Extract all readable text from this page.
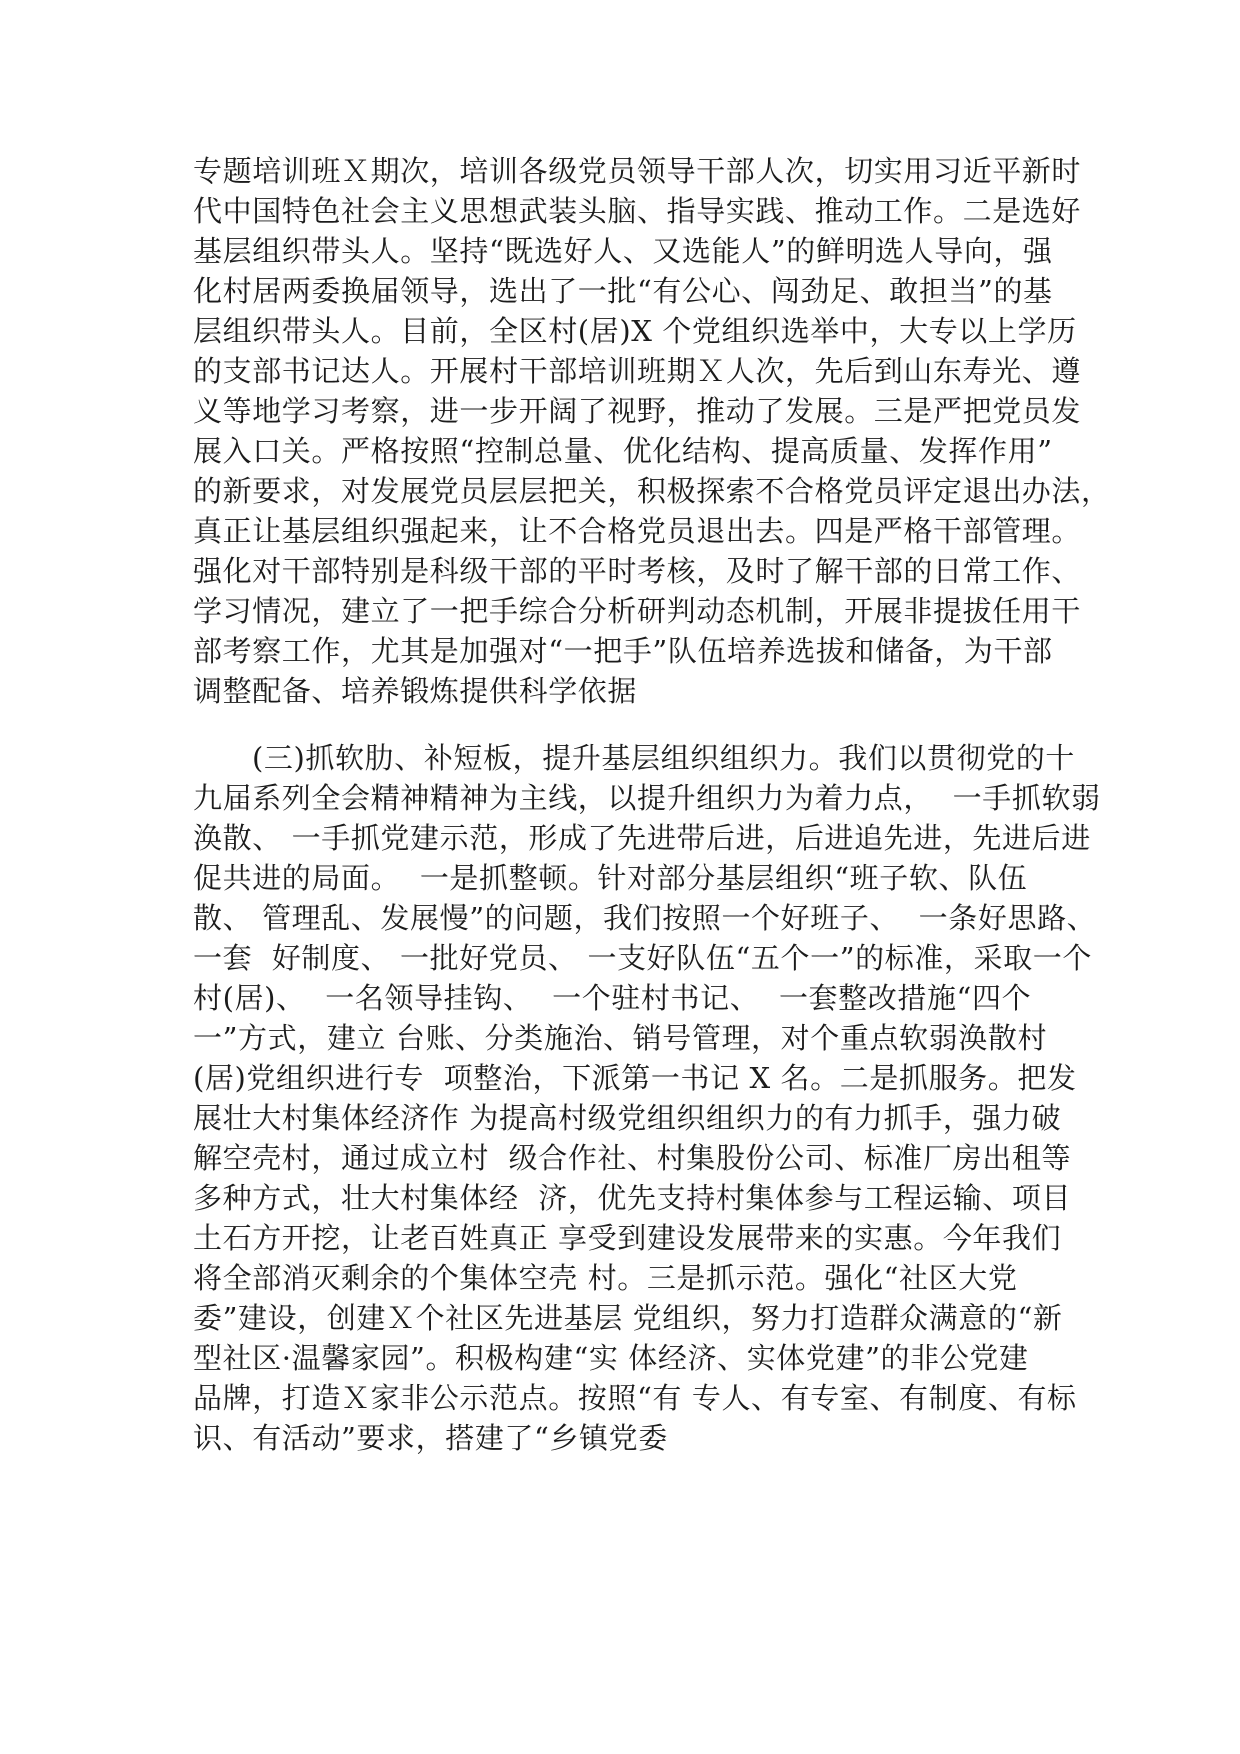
专题培训班Ｘ期次，培训各级党员领导干部人次，切实用习近平新时
代中国特色社会主义思想武装头脑、指导实践、推动工作。二是选好
基层组织带头人。坚持“既选好人、又选能人”的鲜明选人导向，强
化村居两委换届领导，选出了一批“有公心、闯劲足、敢担当”的基
层组织带头人。目前，全区村(居)X 个党组织选举中，大专以上学历
的支部书记达人。开展村干部培训班期Ｘ人次，先后到山东寿光、遵
义等地学习考察，进一步开阔了视野，推动了发展。三是严把党员发
展入口关。严格按照“控制总量、优化结构、提高质量、发挥作用”
的新要求，对发展党员层层把关，积极探索不合格党员评定退出办法，
真正让基层组织强起来，让不合格党员退出去。四是严格干部管理。
强化对干部特别是科级干部的平时考核，及时了解干部的日常工作、
学习情况，建立了一把手综合分析研判动态机制，开展非提拔任用干
部考察工作，尤其是加强对“一把手”队伍培养选拔和储备，为干部
调整配备、培养锻炼提供科学依据
(三)抓软肋、补短板，提升基层组织组织力。我们以贯彻党的十
九届系列全会精神精神为主线，以提升组织力为着力点，  一手抓软弱
涣散、 一手抓党建示范，形成了先进带后进，后进追先进，先进后进
促共进的局面。  一是抓整顿。针对部分基层组织“班子软、队伍
散、 管理乱、发展慢”的问题，我们按照一个好班子、  一条好思路、
一套  好制度、 一批好党员、 一支好队伍“五个一”的标准，采取一个
村(居)、  一名领导挂钩、  一个驻村书记、  一套整改措施“四个
一”方式，建立 台账、分类施治、销号管理，对个重点软弱涣散村
(居)党组织进行专  项整治，下派第一书记 X 名。二是抓服务。把发
展壮大村集体经济作 为提高村级党组织组织力的有力抓手，强力破
解空壳村，通过成立村  级合作社、村集股份公司、标准厂房出租等
多种方式，壮大村集体经  济，优先支持村集体参与工程运输、项目
土石方开挖，让老百姓真正 享受到建设发展带来的实惠。今年我们
将全部消灭剩余的个集体空壳 村。三是抓示范。强化“社区大党
委”建设，创建Ｘ个社区先进基层 党组织，努力打造群众满意的“新
型社区·温馨家园”。积极构建“实 体经济、实体党建”的非公党建
品牌，打造Ｘ家非公示范点。按照“有 专人、有专室、有制度、有标
识、有活动”要求，搭建了“乡镇党委
